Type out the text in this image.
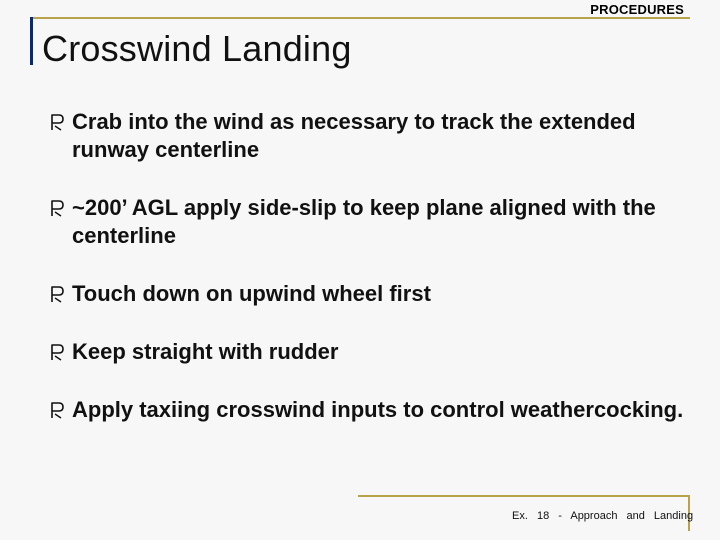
PROCEDURES
Crosswind Landing
Crab into the wind as necessary to track the extended runway centerline
~200’ AGL apply side-slip to keep plane aligned with the centerline
Touch down on upwind wheel first
Keep straight with rudder
Apply taxiing crosswind inputs to control weathercocking.
Ex. 18 - Approach and Landing
